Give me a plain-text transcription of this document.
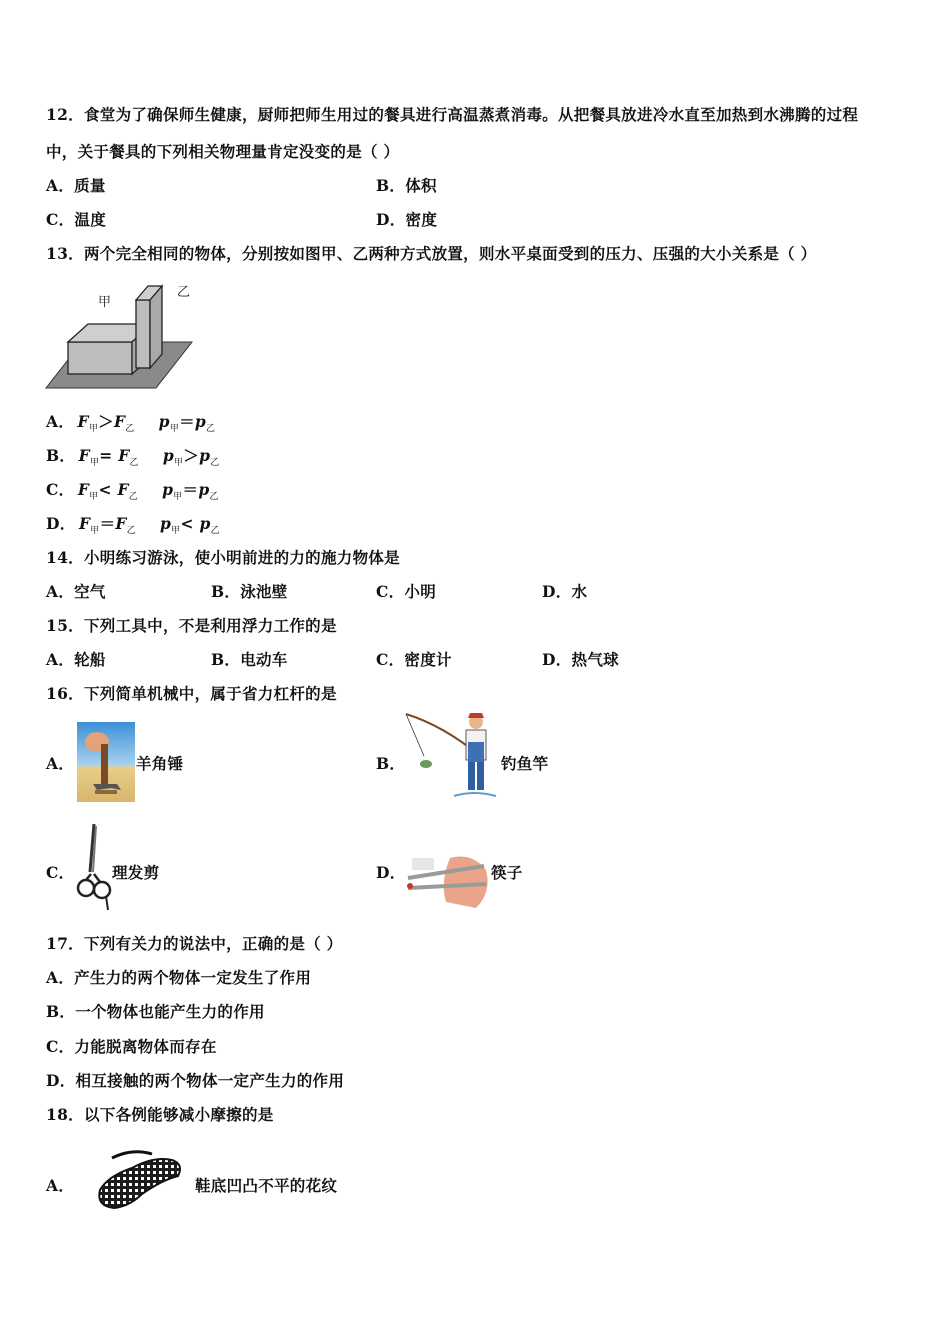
12．食堂为了确保师生健康，厨师把师生用过的餐具进行高温蒸煮消毒。从把餐具放进冷水直至加热到水沸腾的过程
中，关于餐具的下列相关物理量肯定没变的是（ ）
A．质量	B．体积
C．温度	D．密度
13．两个完全相同的物体，分别按如图甲、乙两种方式放置，则水平桌面受到的压力、压强的大小关系是（ ）
甲
乙
A．  $F_甲>F_乙$ $p_甲=p_乙$
B．  $F_甲= F_乙$ $p_甲>p_乙$
C．  $F_甲< F_乙$ $p_甲=p_乙$
D．  $F_甲=F_乙$ $p_甲< p_乙$
14．小明练习游泳，使小明前进的力的施力物体是
A．空气	B．泳池壁	C．小明	D．水
15．下列工具中，不是利用浮力工作的是
A．轮船	B．电动车	C．密度计	D．热气球
16．下列简单机械中，属于省力杠杆的是
A．	羊角锤	B．	钓鱼竿
C． 理发剪	D．	筷子
17．下列有关力的说法中，正确的是（ ）
A．产生力的两个物体一定发生了作用
B．一个物体也能产生力的作用
C．力能脱离物体而存在
D．相互接触的两个物体一定产生力的作用
18．以下各例能够减小摩擦的是
A．	鞋底凹凸不平的花纹
